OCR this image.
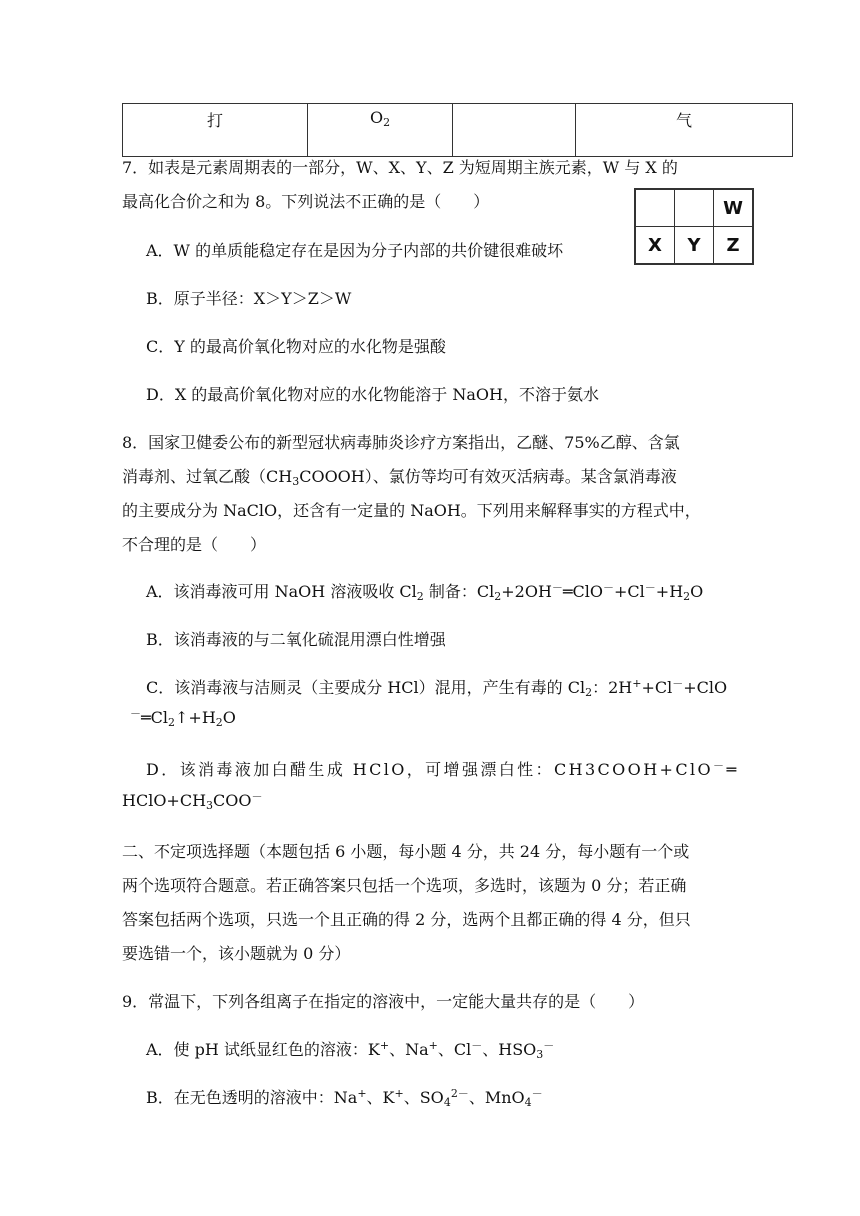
打	$O_2$		气
7．如表是元素周期表的一部分，W、X、Y、Z 为短周期主族元素，W 与 X 的
最高化合价之和为 8。下列说法不正确的是（　　）
			W
X	Y	Z
A．W 的单质能稳定存在是因为分子内部的共价键很难破坏
B．原子半径：X＞Y＞Z＞W
C．Y 的最高价氧化物对应的水化物是强酸
D．X 的最高价氧化物对应的水化物能溶于 NaOH，不溶于氨水
8．国家卫健委公布的新型冠状病毒肺炎诊疗方案指出，乙醚、75%乙醇、含氯
消毒剂、过氧乙酸$(CH_3COOOH)$、氯仿等均可有效灭活病毒。某含氯消毒液
的主要成分为 NaClO，还含有一定量的 NaOH。下列用来解释事实的方程式中，
不合理的是（　　）
A．该消毒液可用 NaOH 溶液吸收 $Cl_2$ 制备：$Cl_2+2OH^-═ClO^-+Cl^-+H_2O$
B．该消毒液的与二氧化硫混用漂白性增强
C．该消毒液与洁厕灵（主要成分 HCl）混用，产生有毒的 $Cl_2$：2H++Cl－+ClO
$^-═Cl_2↑+H_2O$
D．该消毒液加白醋生成 HClO，可增强漂白性：CH3COOH+ClO－═
$HClO+CH_3COO^-$
二、不定项选择题（本题包括 6 小题，每小题 4 分，共 24 分，每小题有一个或
两个选项符合题意。若正确答案只包括一个选项，多选时，该题为 0 分；若正确
答案包括两个选项，只选一个且正确的得 2 分，选两个且都正确的得 4 分，但只
要选错一个，该小题就为 0 分）
9．常温下，下列各组离子在指定的溶液中，一定能大量共存的是（　　）
A．使 pH 试纸显红色的溶液：K+、Na+、Cl－、$HSO_3^-$
B．在无色透明的溶液中：Na+、K+、$SO_4^{2-}$、MnO$_4$－
